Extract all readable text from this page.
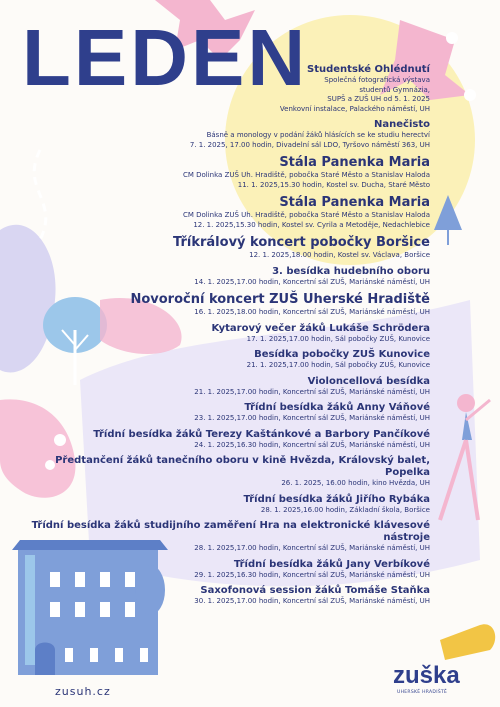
LEDEN
Studentské Ohlédnutí
Společná fotografická výstava
studentů Gymnázia,
SUPŠ a ZUŠ UH od 5. 1. 2025
Venkovní instalace, Palackého náměstí, UH
Nanečisto
Básně a monology v podání žáků hlásících se ke studiu herectví
7. 1. 2025, 17.00 hodin, Divadelní sál LDO, Tyršovo náměstí 363, UH
Stála Panenka Maria
CM Dolinka ZUŠ Uh. Hradiště, pobočka Staré Město a Stanislav Haloda
11. 1. 2025,15.30 hodin, Kostel sv. Ducha, Staré Město
Stála Panenka Maria
CM Dolinka ZUŠ Uh. Hradiště, pobočka Staré Město a Stanislav Haloda
12. 1. 2025,15.30 hodin, Kostel sv. Cyrila a Metoděje, Nedachlebice
Tříkrálový koncert pobočky Boršice
12. 1. 2025,18.00 hodin, Kostel sv. Václava, Boršice
3. besídka hudebního oboru
14. 1. 2025,17.00 hodin, Koncertní sál ZUŠ, Mariánské náměstí, UH
Novoroční koncert ZUŠ Uherské Hradiště
16. 1. 2025,18.00 hodin, Koncertní sál ZUŠ, Mariánské náměstí, UH
Kytarový večer žáků Lukáše Schrödera
17. 1. 2025,17.00 hodin, Sál pobočky ZUŠ, Kunovice
Besídka pobočky ZUŠ Kunovice
21. 1. 2025,17.00 hodin, Sál pobočky ZUŠ, Kunovice
Violoncellová besídka
21. 1. 2025,17.00 hodin, Koncertní sál ZUŠ, Mariánské náměstí, UH
Třídní besídka žáků Anny Váňové
23. 1. 2025,17.00 hodin, Koncertní sál ZUŠ, Mariánské náměstí, UH
Třídní besídka žáků Terezy Kaštánkové a Barbory Pančíkové
24. 1. 2025,16.30 hodin, Koncertní sál ZUŠ, Mariánské náměstí, UH
Předtančení žáků tanečního oboru v kině Hvězda, Královský balet, Popelka
26. 1. 2025, 16.00 hodin, kino Hvězda, UH
Třídní besídka žáků Jiřího Rybáka
28. 1. 2025,16.00 hodin, Základní škola, Boršice
Třídní besídka žáků studijního zaměření Hra na elektronické klávesové nástroje
28. 1. 2025,17.00 hodin, Koncertní sál ZUŠ, Mariánské náměstí, UH
Třídní besídka žáků Jany Verbíkové
29. 1. 2025,16.30 hodin, Koncertní sál ZUŠ, Mariánské náměstí, UH
Saxofonová session žáků Tomáše Staňka
30. 1. 2025,17.00 hodin, Koncertní sál ZUŠ, Mariánské náměstí, UH
zusuh.cz
zuška
UHERSKÉ HRADIŠTĚ
